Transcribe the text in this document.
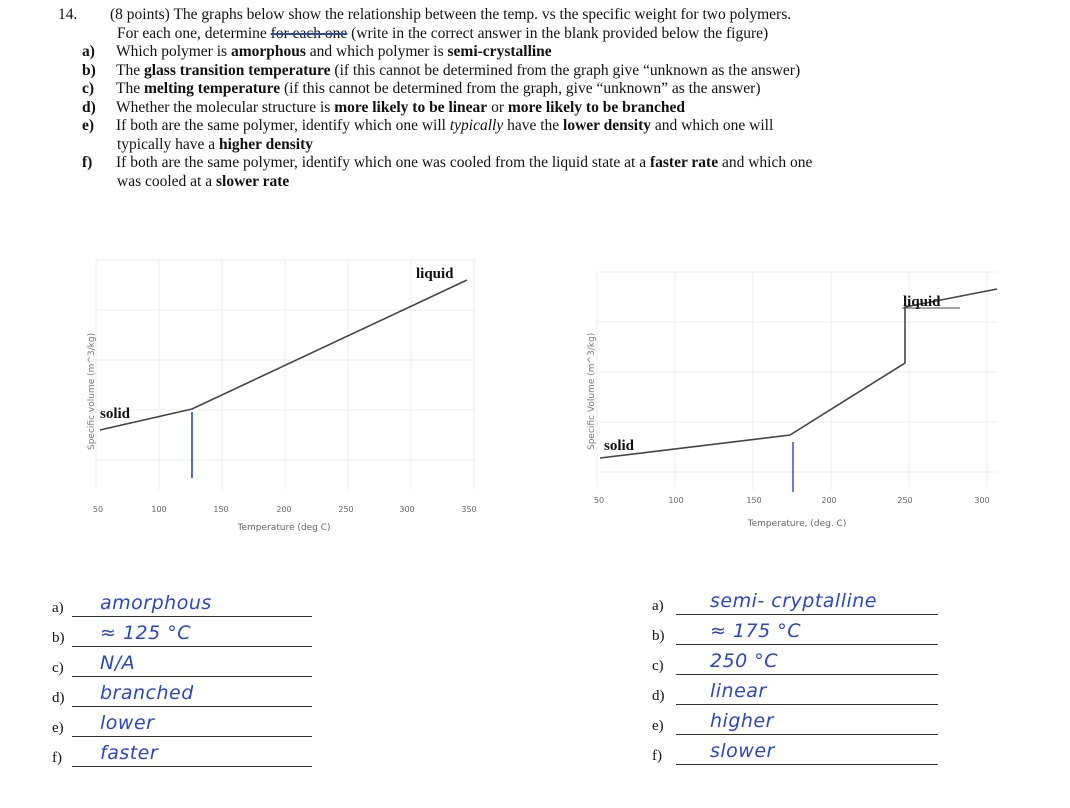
14. (8 points) The graphs below show the relationship between the temp. vs the specific weight for two polymers.
For each one, determine for each one (write in the correct answer in the blank provided below the figure)
a) Which polymer is amorphous and which polymer is semi-crystalline
b) The glass transition temperature (if this cannot be determined from the graph give “unknown as the answer)
c) The melting temperature (if this cannot be determined from the graph, give “unknown” as the answer)
d) Whether the molecular structure is more likely to be linear or more likely to be branched
e) If both are the same polymer, identify which one will typically have the lower density and which one will
typically have a higher density
f) If both are the same polymer, identify which one was cooled from the liquid state at a faster rate and which one
was cooled at a slower rate
Specific volume (m^3/kg) solid
liquid
50	100	150	200	250	300	350
Temperature (deg C)
Specific Volume (m^3/kg) solid
liquid
50	100	150	200	250	300
Temperature, (deg. C)
a) amorphous
b) ≈ 125 °C
c) N/A
d) branched
e) lower
f) faster
a) semi- cryptalline
b) ≈ 175 °C
c) 250 °C
d) linear
e) higher
f)	slower
